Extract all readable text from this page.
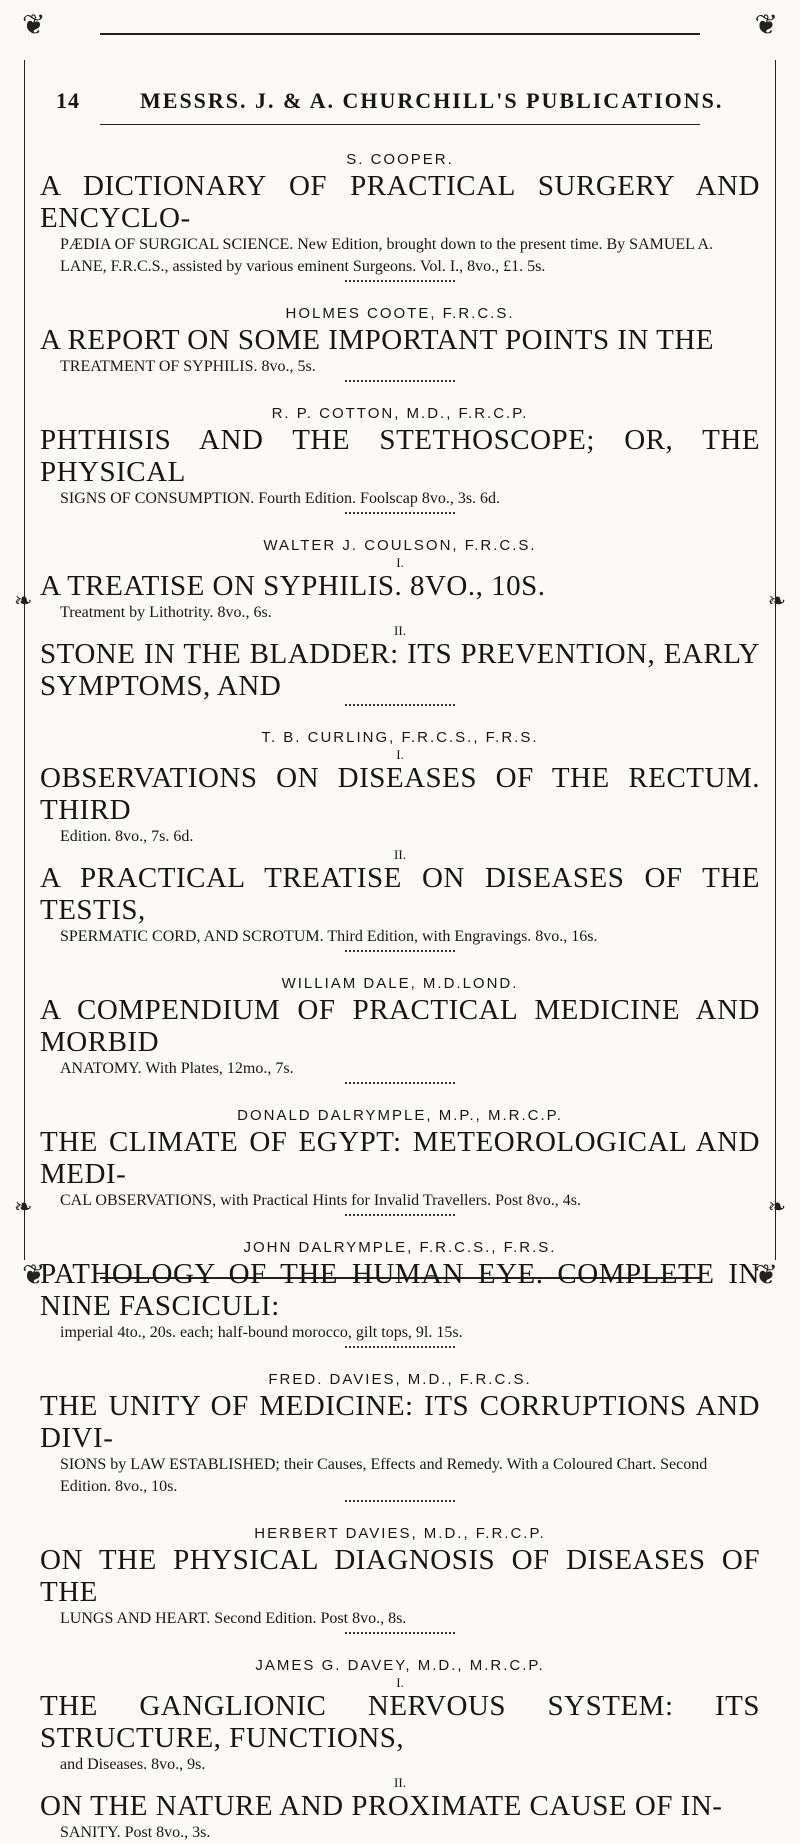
❦	❦
❦	❦
❧	❧
❧	❧
14	MESSRS. J. & A. CHURCHILL'S PUBLICATIONS.

S. COOPER.

A DICTIONARY OF PRACTICAL SURGERY AND ENCYCLO-

PÆDIA OF SURGICAL SCIENCE. New Edition, brought down to the present time. By SAMUEL A. LANE, F.R.C.S., assisted by various eminent Surgeons. Vol. I., 8vo., £1. 5s.

HOLMES COOTE, F.R.C.S.

A REPORT ON SOME IMPORTANT POINTS IN THE

TREATMENT OF SYPHILIS. 8vo., 5s.

R. P. COTTON, M.D., F.R.C.P.

PHTHISIS AND THE STETHOSCOPE; OR, THE PHYSICAL

SIGNS OF CONSUMPTION. Fourth Edition. Foolscap 8vo., 3s. 6d.

WALTER J. COULSON, F.R.C.S.

I.

A TREATISE ON SYPHILIS. 8VO., 10S.

Treatment by Lithotrity. 8vo., 6s.

II.

STONE IN THE BLADDER: ITS PREVENTION, EARLY SYMPTOMS, AND

T. B. CURLING, F.R.C.S., F.R.S.

I.

OBSERVATIONS ON DISEASES OF THE RECTUM. THIRD

Edition. 8vo., 7s. 6d.

II.

A PRACTICAL TREATISE ON DISEASES OF THE TESTIS,

SPERMATIC CORD, AND SCROTUM. Third Edition, with Engravings. 8vo., 16s.

WILLIAM DALE, M.D.LOND.

A COMPENDIUM OF PRACTICAL MEDICINE AND MORBID

ANATOMY. With Plates, 12mo., 7s.

DONALD DALRYMPLE, M.P., M.R.C.P.

THE CLIMATE OF EGYPT: METEOROLOGICAL AND MEDI-

CAL OBSERVATIONS, with Practical Hints for Invalid Travellers. Post 8vo., 4s.

JOHN DALRYMPLE, F.R.C.S., F.R.S.

PATHOLOGY OF THE HUMAN EYE. COMPLETE IN NINE FASCICULI:

imperial 4to., 20s. each; half-bound morocco, gilt tops, 9l. 15s.

FRED. DAVIES, M.D., F.R.C.S.

THE UNITY OF MEDICINE: ITS CORRUPTIONS AND DIVI-

SIONS by LAW ESTABLISHED; their Causes, Effects and Remedy. With a Coloured Chart. Second Edition. 8vo., 10s.

HERBERT DAVIES, M.D., F.R.C.P.

ON THE PHYSICAL DIAGNOSIS OF DISEASES OF THE

LUNGS AND HEART. Second Edition. Post 8vo., 8s.

JAMES G. DAVEY, M.D., M.R.C.P.

I.

THE GANGLIONIC NERVOUS SYSTEM: ITS STRUCTURE, FUNCTIONS,

and Diseases. 8vo., 9s.

II.

ON THE NATURE AND PROXIMATE CAUSE OF IN-

SANITY. Post 8vo., 3s.
